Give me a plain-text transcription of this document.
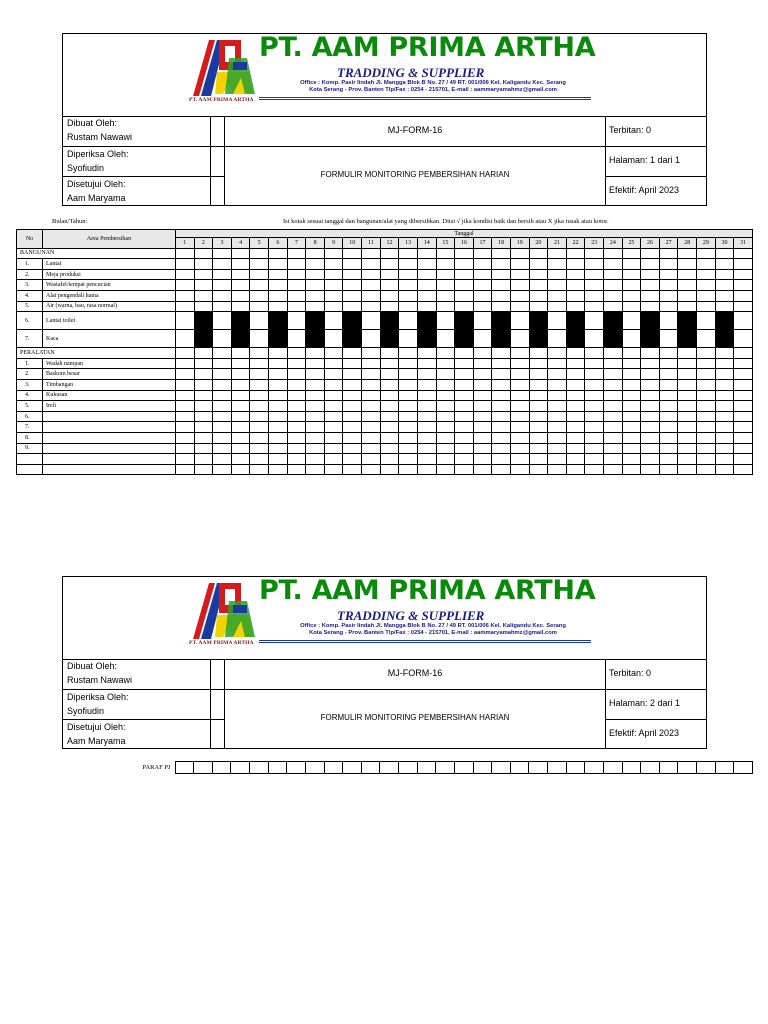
PT. AAM PRIMA ARTHA
PT. AAM PRIMA ARTHA
TRADDING & SUPPLIER
Office : Komp. Pasir Iindah Jl. Mangga Blok B No. 27 / 49 RT. 001/006 Kel. Kaligandu Kec. Serang
Kota Serang - Prov. Banten Tlp/Fax : 0254 - 215701, E-mail : aammaryamahmz@gmail.com
Dibuat Oleh:
Rustam Nawawi
Diperiksa Oleh:
Syofiudin
Disetujui Oleh:
Aam Maryama
MJ-FORM-16
FORMULIR MONITORING PEMBERSIHAN HARIAN
Terbitan: 0
Halaman: 1 dari 1
Efektif: April 2023
Bulan/Tahun:	Isi kotak sesuai tanggal dan bangunan/alat yang dibersihkan. Diisi √ jika kondisi baik dan bersih atau X jika rusak atau kotor.
No	Area Pembersihan	Tanggal																														
		1	2	3	4	5	6	7	8	9	10	11	12	13	14	15	16	17	18	19	20	21	22	23	24	25	26	27	28	29	30	31
BANGUNAN																																
1.	Lantai																															
2.	Meja produksi																															
3.	Wastafel/tempat pencucian																															
4.	Alat pengendali hama																															
5.	Air (warna, bau, rasa normal)																															
6.	Lantai toilet																															
7.	Kaca																															
PERALATAN																																
1.	Wadah nampan																															
2.	Baskom besar																															
3.	Timbangan																															
4.	Kukusan																															
5.	Ireli																															
6.																																
7.																																
8.																																
9.																																

PT. AAM PRIMA ARTHA
PT. AAM PRIMA ARTHA
TRADDING & SUPPLIER
Office : Komp. Pasir Iindah Jl. Mangga Blok B No. 27 / 49 RT. 001/006 Kel. Kaligandu Kec. Serang
Kota Serang - Prov. Banten Tlp/Fax : 0254 - 215701, E-mail : aammaryamahmz@gmail.com
Dibuat Oleh:
Rustam Nawawi
Diperiksa Oleh:
Syofiudin
Disetujui Oleh:
Aam Maryama
MJ-FORM-16
FORMULIR MONITORING PEMBERSIHAN HARIAN
Terbitan: 0
Halaman: 2 dari 1
Efektif: April 2023
PARAF PJ																															
